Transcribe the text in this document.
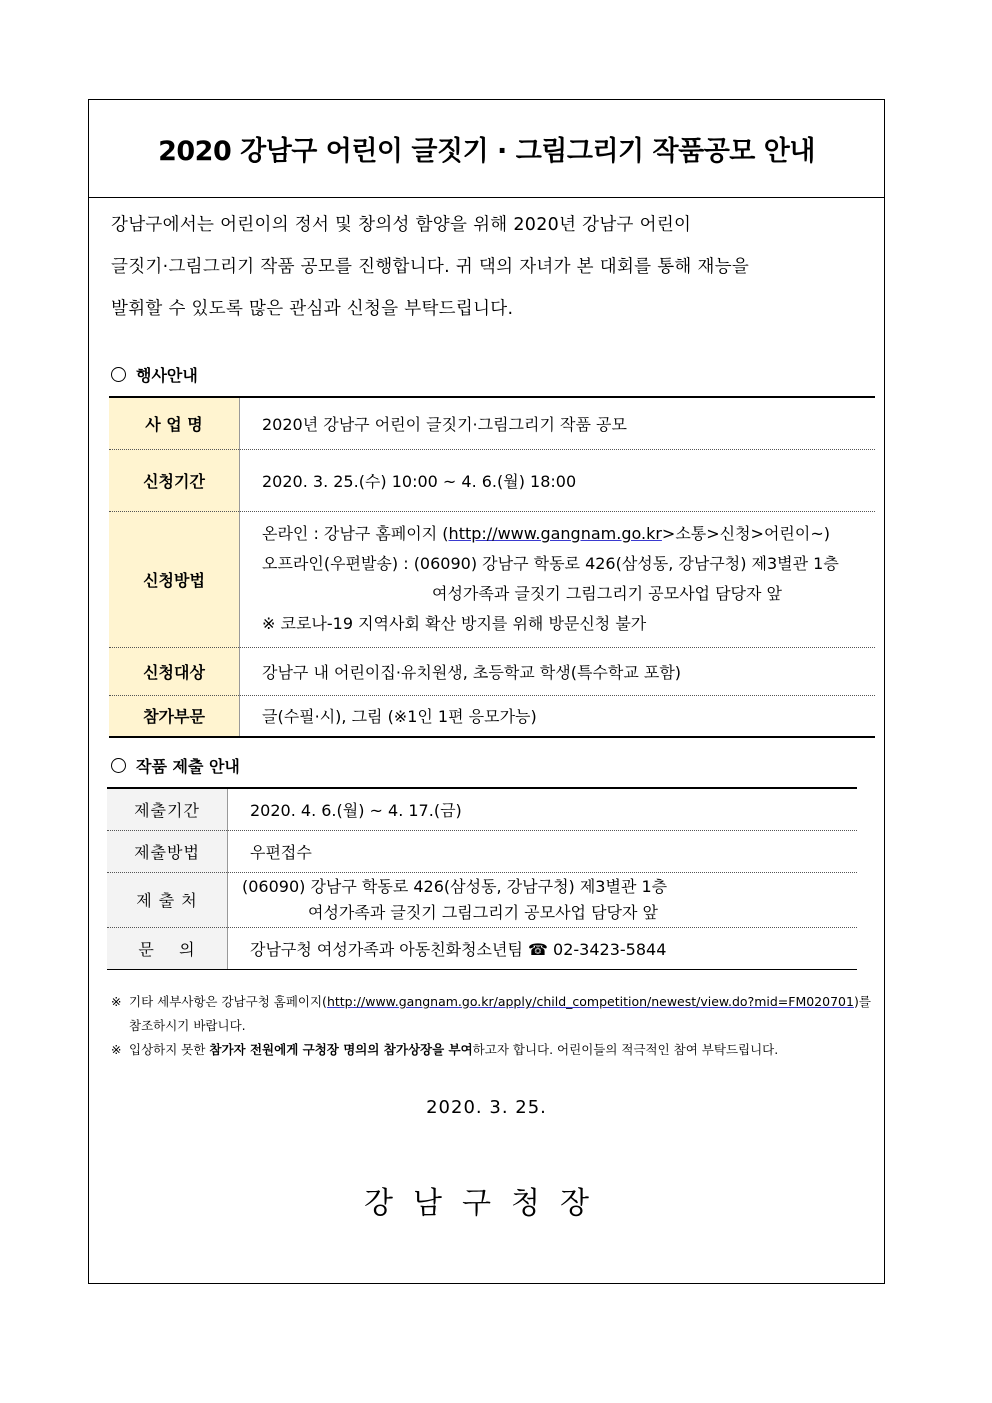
2020 강남구 어린이 글짓기 · 그림그리기 작품공모 안내

강남구에서는 어린이의 정서 및 창의성 함양을 위해 2020년 강남구 어린이

글짓기·그림그리기 작품 공모를 진행합니다. 귀 댁의 자녀가 본 대회를 통해 재능을

발휘할 수 있도록 많은 관심과 신청을 부탁드립니다.

행사안내
사 업 명	2020년 강남구 어린이 글짓기·그림그리기 작품 공모
신청기간	2020. 3. 25.(수) 10:00 ~ 4. 6.(월) 18:00
신청방법	온라인 : 강남구 홈페이지 (http://www.gangnam.go.kr>소통>신청>어린이~)
오프라인(우편발송) : (06090) 강남구 학동로 426(삼성동, 강남구청) 제3별관 1층
여성가족과 글짓기 그림그리기 공모사업 담당자 앞
※ 코로나-19 지역사회 확산 방지를 위해 방문신청 불가

신청대상	강남구 내 어린이집·유치원생, 초등학교 학생(특수학교 포함)
참가부문	글(수필·시), 그림 (※1인 1편 응모가능)
작품 제출 안내
제출기간	2020. 4. 6.(월) ~ 4. 17.(금)
제출방법	우편접수
제 출 처	(06090) 강남구 학동로 426(삼성동, 강남구청) 제3별관 1층
여성가족과 글짓기 그림그리기 공모사업 담당자 앞

문    의	강남구청 여성가족과 아동친화청소년팀 ☎ 02-3423-5844
※ 기타 세부사항은 강남구청 홈페이지(http://www.gangnam.go.kr/apply/child_competition/newest/view.do?mid=FM020701)를
참조하시기 바랍니다.
※ 입상하지 못한 참가자 전원에게 구청장 명의의 참가상장을 부여하고자 합니다. 어린이들의 적극적인 참여 부탁드립니다.
2020. 3. 25.
강남구청장
